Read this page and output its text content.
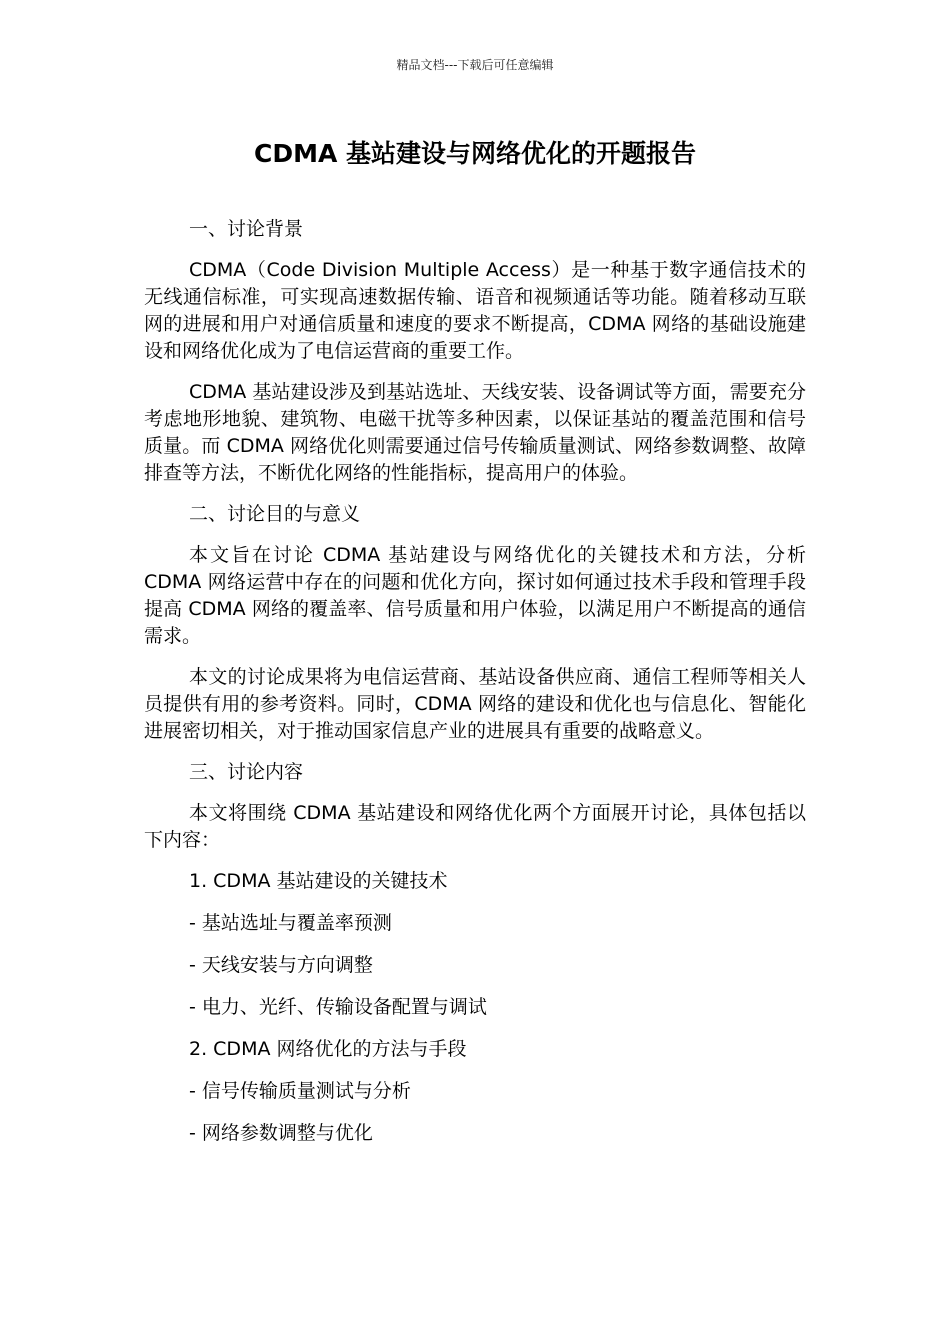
精品文档---下载后可任意编辑
CDMA 基站建设与网络优化的开题报告

一、讨论背景

CDMA（Code Division Multiple Access）是一种基于数字通信技术的无线通信标准，可实现高速数据传输、语音和视频通话等功能。随着移动互联网的进展和用户对通信质量和速度的要求不断提高，CDMA 网络的基础设施建设和网络优化成为了电信运营商的重要工作。

CDMA 基站建设涉及到基站选址、天线安装、设备调试等方面，需要充分考虑地形地貌、建筑物、电磁干扰等多种因素，以保证基站的覆盖范围和信号质量。而 CDMA 网络优化则需要通过信号传输质量测试、网络参数调整、故障排查等方法，不断优化网络的性能指标，提高用户的体验。

二、讨论目的与意义

本文旨在讨论 CDMA 基站建设与网络优化的关键技术和方法，分析 CDMA 网络运营中存在的问题和优化方向，探讨如何通过技术手段和管理手段提高 CDMA 网络的覆盖率、信号质量和用户体验，以满足用户不断提高的通信需求。

本文的讨论成果将为电信运营商、基站设备供应商、通信工程师等相关人员提供有用的参考资料。同时，CDMA 网络的建设和优化也与信息化、智能化进展密切相关，对于推动国家信息产业的进展具有重要的战略意义。

三、讨论内容

本文将围绕 CDMA 基站建设和网络优化两个方面展开讨论，具体包括以下内容：

1. CDMA 基站建设的关键技术

- 基站选址与覆盖率预测

- 天线安装与方向调整

- 电力、光纤、传输设备配置与调试

2. CDMA 网络优化的方法与手段

- 信号传输质量测试与分析

- 网络参数调整与优化
